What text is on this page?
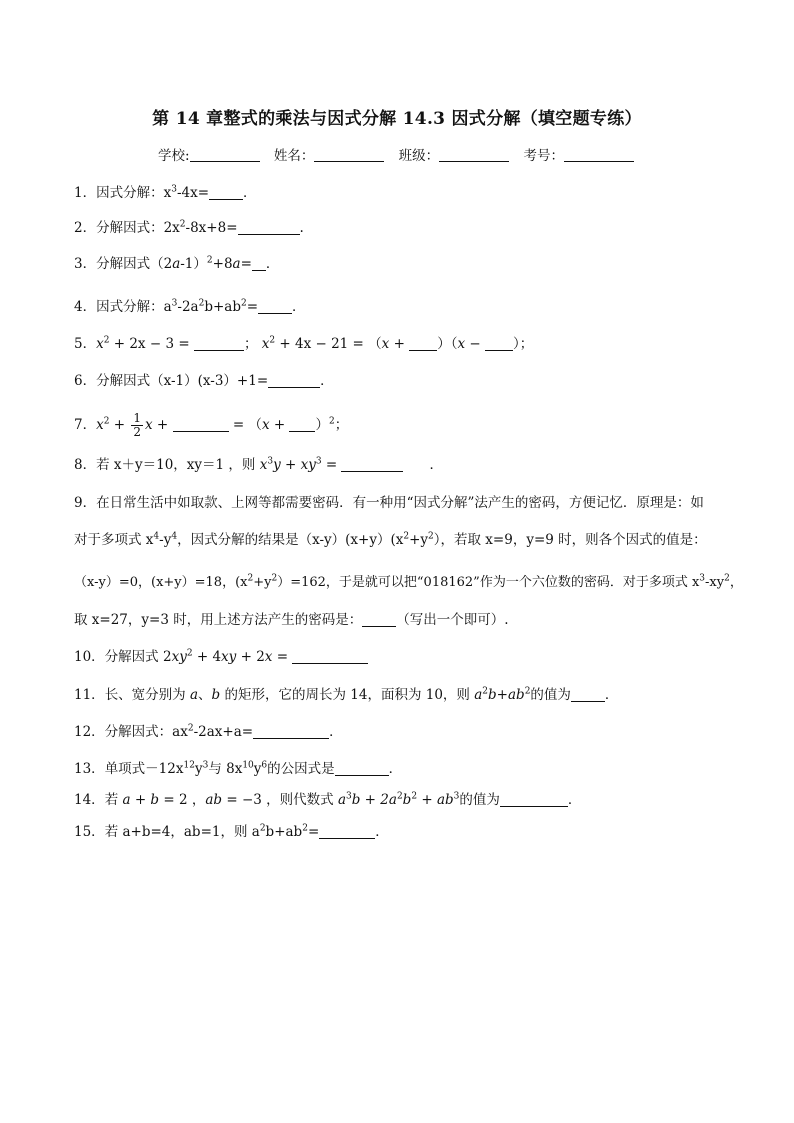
第 14 章整式的乘法与因式分解 14.3 因式分解（填空题专练）
学校:	姓名：	班级：	考号：
1．因式分解：$x^3-4x=$	．
2．分解因式：$2x^2-8x+8=$	.
3．分解因式$(2a-1)^2+8a=$ ．
4．因式分解：$a^3-2a^2b+ab^2=$	．
5．$x^2 + 2x - 3$ =	； $x^2 + 4x - 21 = (x + )(x$ − ）；
6．分解因式（x-1）(x-3）+1=	．
7．$x^2 + \frac{1}{2}$ x +	= $(x + )^2$；
8．若 x＋y＝10，xy＝1 ，则 $x^3y + xy^3$ =	．
9．在日常生活中如取款、上网等都需要密码．有一种用“因式分解”法产生的密码，方便记忆．原理是：如
对于多项式 $x^4-y^4$，因式分解的结果是$(x-y)(x+y)(x^2+y^2)$，若取 x=9，y=9 时，则各个因式的值是：
（x-y）=0，(x+y）=18，$(x^2+y^2)=162$，于是就可以把“018162”作为一个六位数的密码．对于多项式 $x^3-xy^2$，
取 x=27，y=3 时，用上述方法产生的密码是：	（写出一个即可）.
10．分解因式 $2xy^2 + 4xy + 2x$ =
11．长、宽分别为 a、b 的矩形，它的周长为 14，面积为 10，则 $a^2b+ab^2$的值为	．
12．分解因式：$ax^2-2ax+a=$	．
13．单项式$-12x^{12}y^3$与 $8x^{10}y^6$的公因式是	．
14．若 a + b = 2 ，ab = −3 ，则代数式 $a^3b + 2a^2b^2 + ab^3$的值为	．
15．若 a+b=4，ab=1，则 $a^2b+ab^2=$	．
